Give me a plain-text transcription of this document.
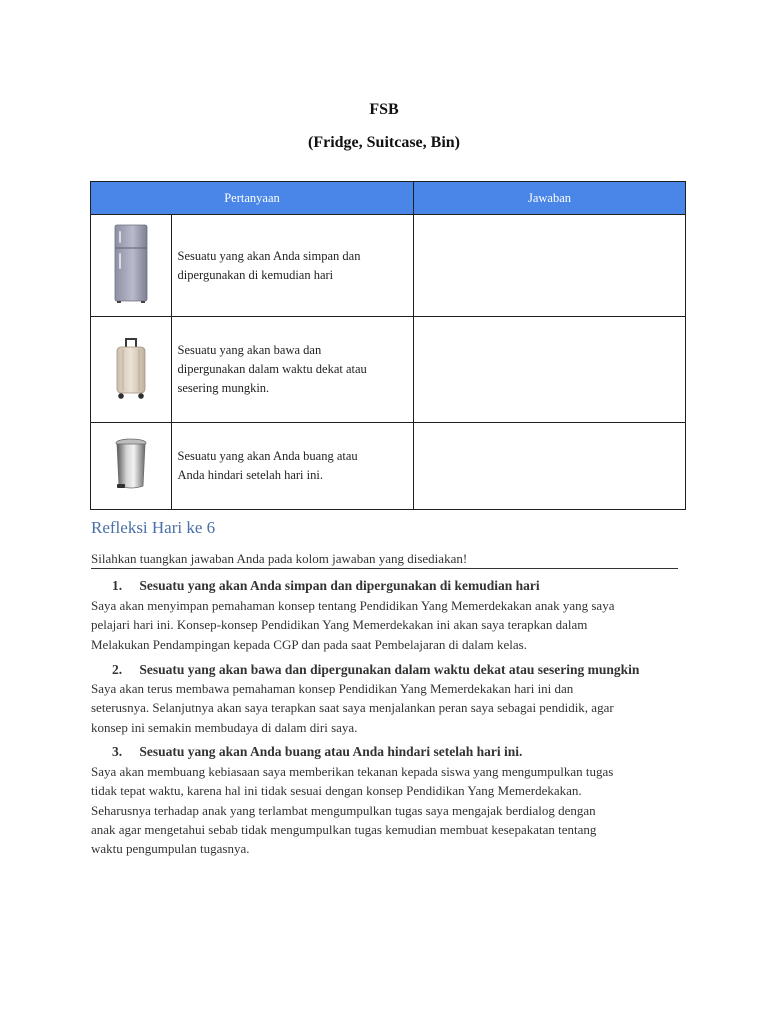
FSB
(Fridge, Suitcase, Bin)
Pertanyaan		Jawaban

Sesuatu yang akan Anda simpan dan
dipergunakan di kemudian hari	

Sesuatu yang akan bawa dan
dipergunakan dalam waktu dekat atau
sesering mungkin.	

Sesuatu yang akan Anda buang atau
Anda hindari setelah hari ini.	

Refleksi Hari ke 6
Silahkan tuangkan jawaban Anda pada kolom jawaban yang disediakan!
1. Sesuatu yang akan Anda simpan dan dipergunakan di kemudian hari
Saya akan menyimpan pemahaman konsep tentang Pendidikan Yang Memerdekakan anak yang saya
pelajari hari ini. Konsep-konsep Pendidikan Yang Memerdekakan ini akan saya terapkan dalam
Melakukan Pendampingan kepada CGP dan pada saat Pembelajaran di dalam kelas.
2. Sesuatu yang akan bawa dan dipergunakan dalam waktu dekat atau sesering mungkin
Saya akan terus membawa pemahaman konsep Pendidikan Yang Memerdekakan hari ini dan
seterusnya. Selanjutnya akan saya terapkan saat saya menjalankan peran saya sebagai pendidik, agar
konsep ini semakin membudaya di dalam diri saya.
3. Sesuatu yang akan Anda buang atau Anda hindari setelah hari ini.
Saya akan membuang kebiasaan saya memberikan tekanan kepada siswa yang mengumpulkan tugas
tidak tepat waktu, karena hal ini tidak sesuai dengan konsep Pendidikan Yang Memerdekakan.
Seharusnya terhadap anak yang terlambat mengumpulkan tugas saya mengajak berdialog dengan
anak agar mengetahui sebab tidak mengumpulkan tugas kemudian membuat kesepakatan tentang
waktu pengumpulan tugasnya.
